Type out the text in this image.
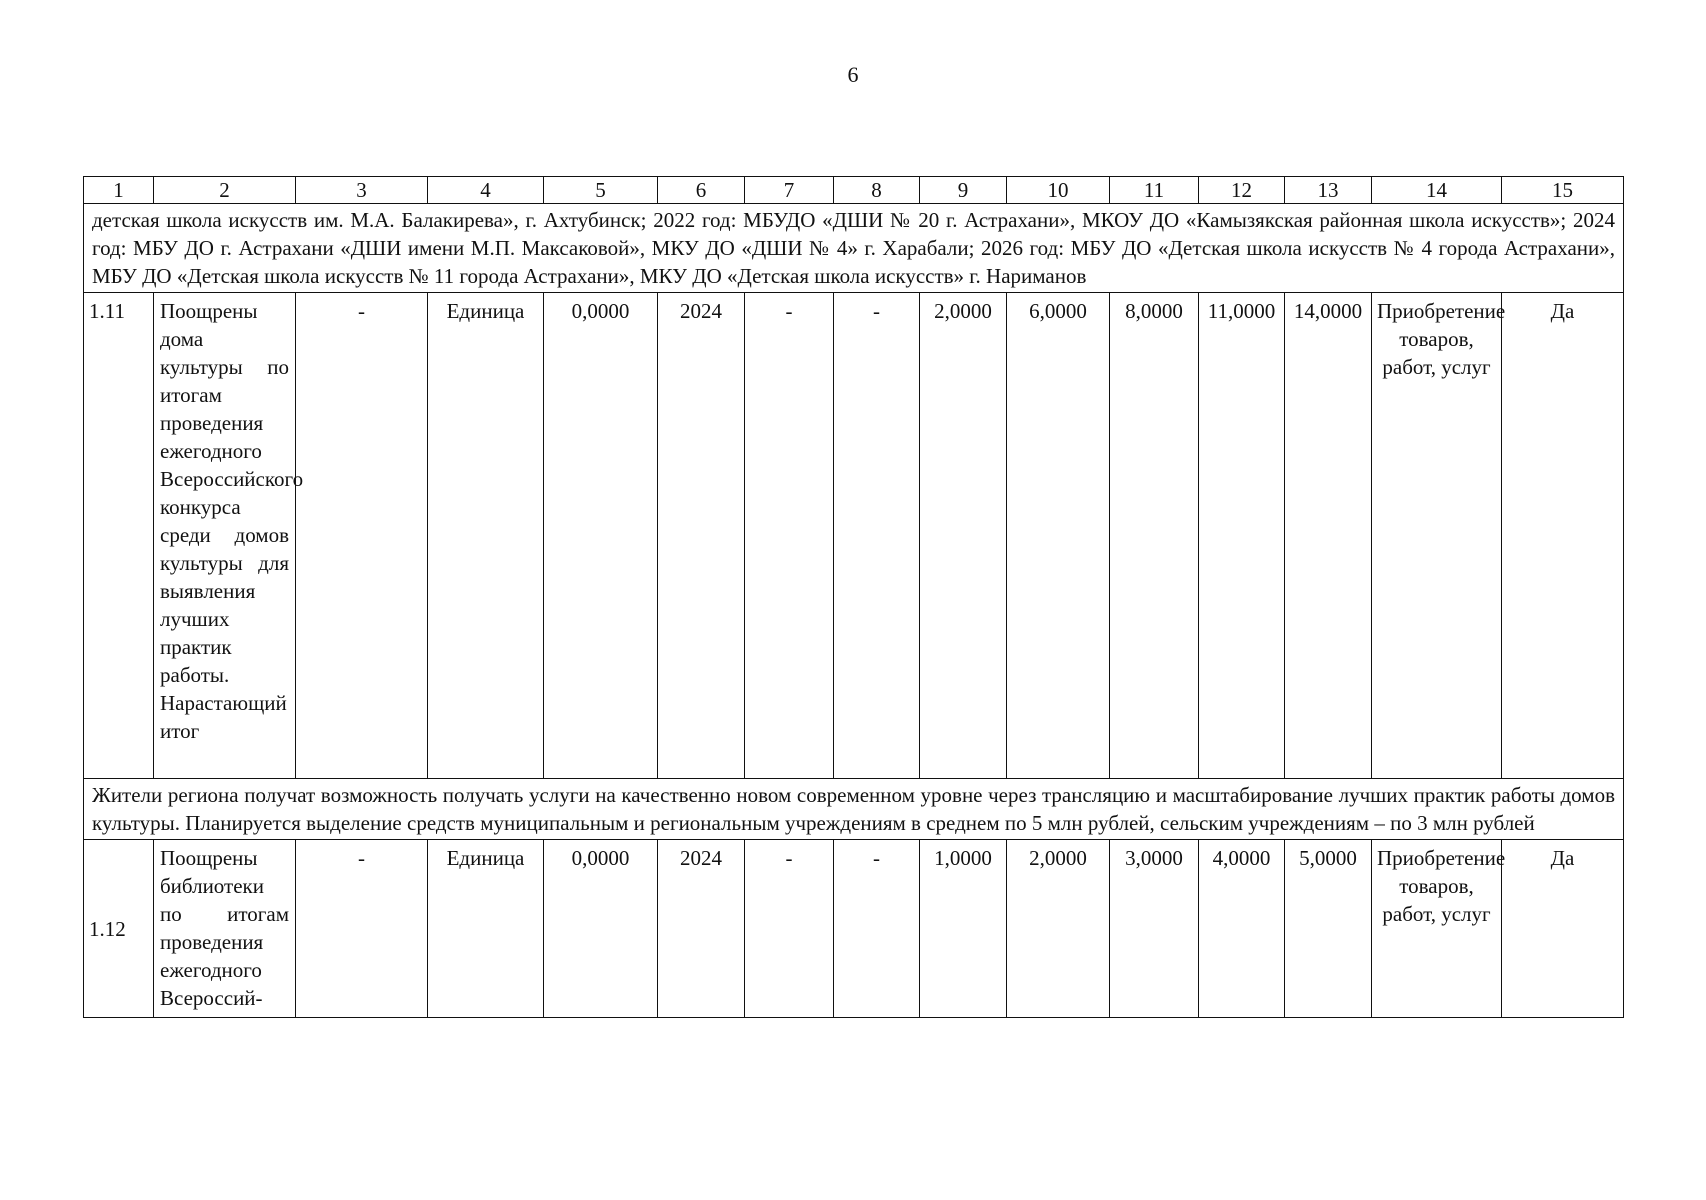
6
1	2	3	4	5	6	7	8	9	10	11	12	13	14	15
детская школа искусств им. М.А. Балакирева», г. Ахтубинск; 2022 год: МБУДО «ДШИ № 20 г. Астрахани», МКОУ ДО «Камызякская районная школа искусств»; 2024 год: МБУ ДО г. Астрахани «ДШИ имени М.П. Максаковой», МКУ ДО «ДШИ № 4» г. Харабали; 2026 год: МБУ ДО «Детская школа искусств № 4 города Астрахани», МБУ ДО «Детская школа искусств № 11 города Астрахани», МКУ ДО «Детская школа искусств» г. Нариманов														
1.11	Поощрены дома культуры по итогам проведения ежегодного Всероссийского конкурса среди домов культуры для выявления лучших практик работы. Нарастающий итог	-	Единица	0,0000	2024	-	-	2,0000	6,0000	8,0000	11,0000	14,0000	Приобретение товаров, работ, услуг	Да
Жители региона получат возможность получать услуги на качественно новом современном уровне через трансляцию и масштабирование лучших практик работы домов культуры. Планируется выделение средств муниципальным и региональным учреждениям в среднем по 5 млн рублей, сельским учреждениям – по 3 млн рублей														
1.12	Поощрены библиотеки по итогам проведения ежегодного Всероссий-	-	Единица	0,0000	2024	-	-	1,0000	2,0000	3,0000	4,0000	5,0000	Приобретение товаров, работ, услуг	Да
